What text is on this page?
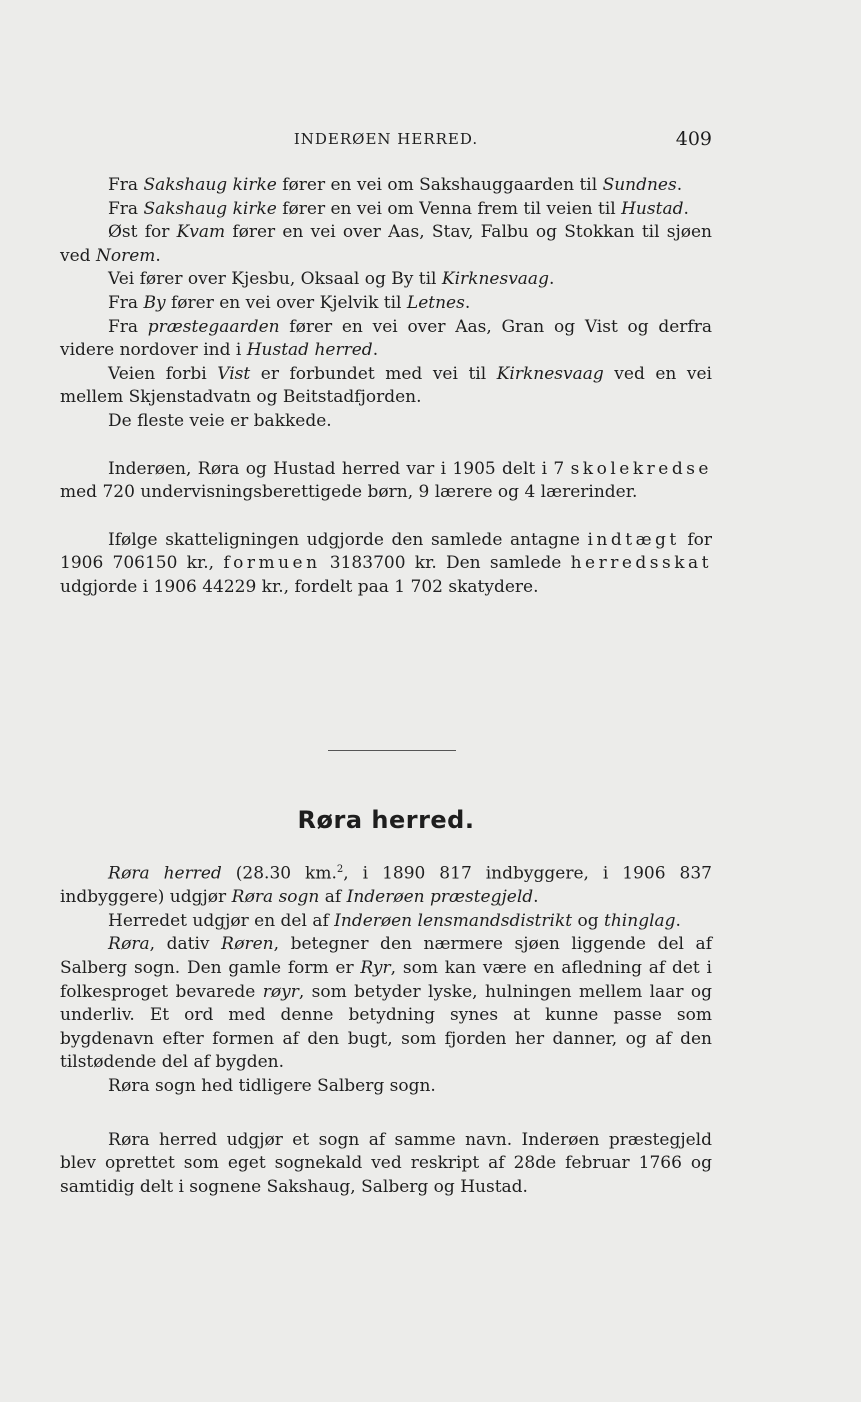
INDERØEN HERRED.	409

Fra Sakshaug kirke fører en vei om Sakshauggaarden til Sundnes.

Fra Sakshaug kirke fører en vei om Venna frem til veien til Hustad.

Øst for Kvam fører en vei over Aas, Stav, Falbu og Stokkan til sjøen ved Norem.

Vei fører over Kjesbu, Oksaal og By til Kirknesvaag.

Fra By fører en vei over Kjelvik til Letnes.

Fra præstegaarden fører en vei over Aas, Gran og Vist og derfra videre nordover ind i Hustad herred.

Veien forbi Vist er forbundet med vei til Kirknesvaag ved en vei mellem Skjenstadvatn og Beitstadfjorden.

De fleste veie er bakkede.

Inderøen, Røra og Hustad herred var i 1905 delt i 7 skolekredse med 720 undervisningsberettigede børn, 9 lærere og 4 lærerinder.

Ifølge skatteligningen udgjorde den samlede antagne indtægt for 1906 706150 kr., formuen 3183700 kr. Den samlede herredsskat udgjorde i 1906 44229 kr., fordelt paa 1 702 skatydere.

Røra herred.

Røra herred (28.30 km.$^2$, i 1890 817 indbyggere, i 1906 837 indbyggere) udgjør Røra sogn af Inderøen præstegjeld.

Herredet udgjør en del af Inderøen lensmandsdistrikt og thinglag.

Røra, dativ Røren, betegner den nærmere sjøen liggende del af Salberg sogn. Den gamle form er Ryr, som kan være en afledning af det i folkesproget bevarede røyr, som betyder lyske, hulningen mellem laar og underliv. Et ord med denne betydning synes at kunne passe som bygdenavn efter formen af den bugt, som fjorden her danner, og af den tilstødende del af bygden.

Røra sogn hed tidligere Salberg sogn.

Røra herred udgjør et sogn af samme navn. Inderøen præstegjeld blev oprettet som eget sognekald ved reskript af 28de februar 1766 og samtidig delt i sognene Sakshaug, Salberg og Hustad.
